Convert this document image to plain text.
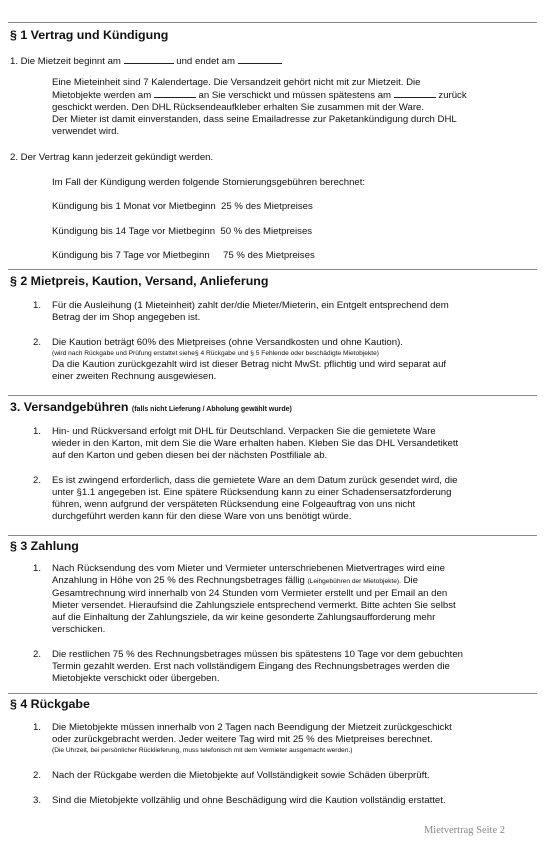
§ 1 Vertrag und Kündigung
1. Die Mietzeit beginnt am	und endet am
Eine Mieteinheit sind 7 Kalendertage. Die Versandzeit gehört nicht mit zur Mietzeit. Die
Mietobjekte werden am	an Sie verschickt und müssen spätestens am	zurück
geschickt werden. Den DHL Rücksendeaufkleber erhalten Sie zusammen mit der Ware.
Der Mieter ist damit einverstanden, dass seine Emailadresse zur Paketankündigung durch DHL
verwendet wird.
2. Der Vertrag kann jederzeit gekündigt werden.
Im Fall der Kündigung werden folgende Stornierungsgebühren berechnet:
Kündigung bis 1 Monat vor Mietbeginn  25 % des Mietpreises
Kündigung bis 14 Tage vor Mietbeginn  50 % des Mietpreises
Kündigung bis 7 Tage vor Mietbeginn     75 % des Mietpreises
§ 2 Mietpreis, Kaution, Versand, Anlieferung
1.	Für die Ausleihung (1 Mieteinheit) zahlt der/die Mieter/Mieterin, ein Entgelt entsprechend dem
Betrag der im Shop angegeben ist.
2.	Die Kaution beträgt 60% des Mietpreises (ohne Versandkosten und ohne Kaution).
(wird nach Rückgabe und Prüfung erstattet siehe§ 4 Rückgabe und § 5 Fehlende oder beschädigte Mietobjekte)
Da die Kaution zurückgezahlt wird ist dieser Betrag nicht MwSt. pflichtig und wird separat auf
einer zweiten Rechnung ausgewiesen.
3. Versandgebühren (falls nicht Lieferung / Abholung gewählt wurde)
1.	Hin- und Rückversand erfolgt mit DHL für Deutschland. Verpacken Sie die gemietete Ware
wieder in den Karton, mit dem Sie die Ware erhalten haben. Kleben Sie das DHL Versandetikett
auf den Karton und geben diesen bei der nächsten Postfiliale ab.
2.	Es ist zwingend erforderlich, dass die gemietete Ware an dem Datum zurück gesendet wird, die
unter §1.1 angegeben ist. Eine spätere Rücksendung kann zu einer Schadensersatzforderung
führen, wenn aufgrund der verspäteten Rücksendung eine Folgeauftrag von uns nicht
durchgeführt werden kann für den diese Ware von uns benötigt würde.
§ 3 Zahlung
1.	Nach Rücksendung des vom Mieter und Vermieter unterschriebenen Mietvertrages wird eine
Anzahlung in Höhe von 25 % des Rechnungsbetrages fällig (Leihgebühren der Mietobjekte). Die
Gesamtrechnung wird innerhalb von 24 Stunden vom Vermieter erstellt und per Email an den
Mieter versendet. Hieraufsind die Zahlungsziele entsprechend vermerkt. Bitte achten Sie selbst
auf die Einhaltung der Zahlungsziele, da wir keine gesonderte Zahlungsaufforderung mehr
verschicken.
2.	Die restlichen 75 % des Rechnungsbetrages müssen bis spätestens 10 Tage vor dem gebuchten
Termin gezahlt werden. Erst nach vollständigem Eingang des Rechnungsbetrages werden die
Mietobjekte verschickt oder übergeben.
§ 4 Rückgabe
1.	Die Mietobjekte müssen innerhalb von 2 Tagen nach Beendigung der Mietzeit zurückgeschickt
oder zurückgebracht werden. Jeder weitere Tag wird mit 25 % des Mietpreises berechnet.
(Die Uhrzeit, bei persönlicher Rücklieferung, muss telefonisch mit dem Vermieter ausgemacht werden.)
2.	Nach der Rückgabe werden die Mietobjekte auf Vollständigkeit sowie Schäden überprüft.
3.	Sind die Mietobjekte vollzählig und ohne Beschädigung wird die Kaution vollständig erstattet.
Mietvertrag Seite 2
